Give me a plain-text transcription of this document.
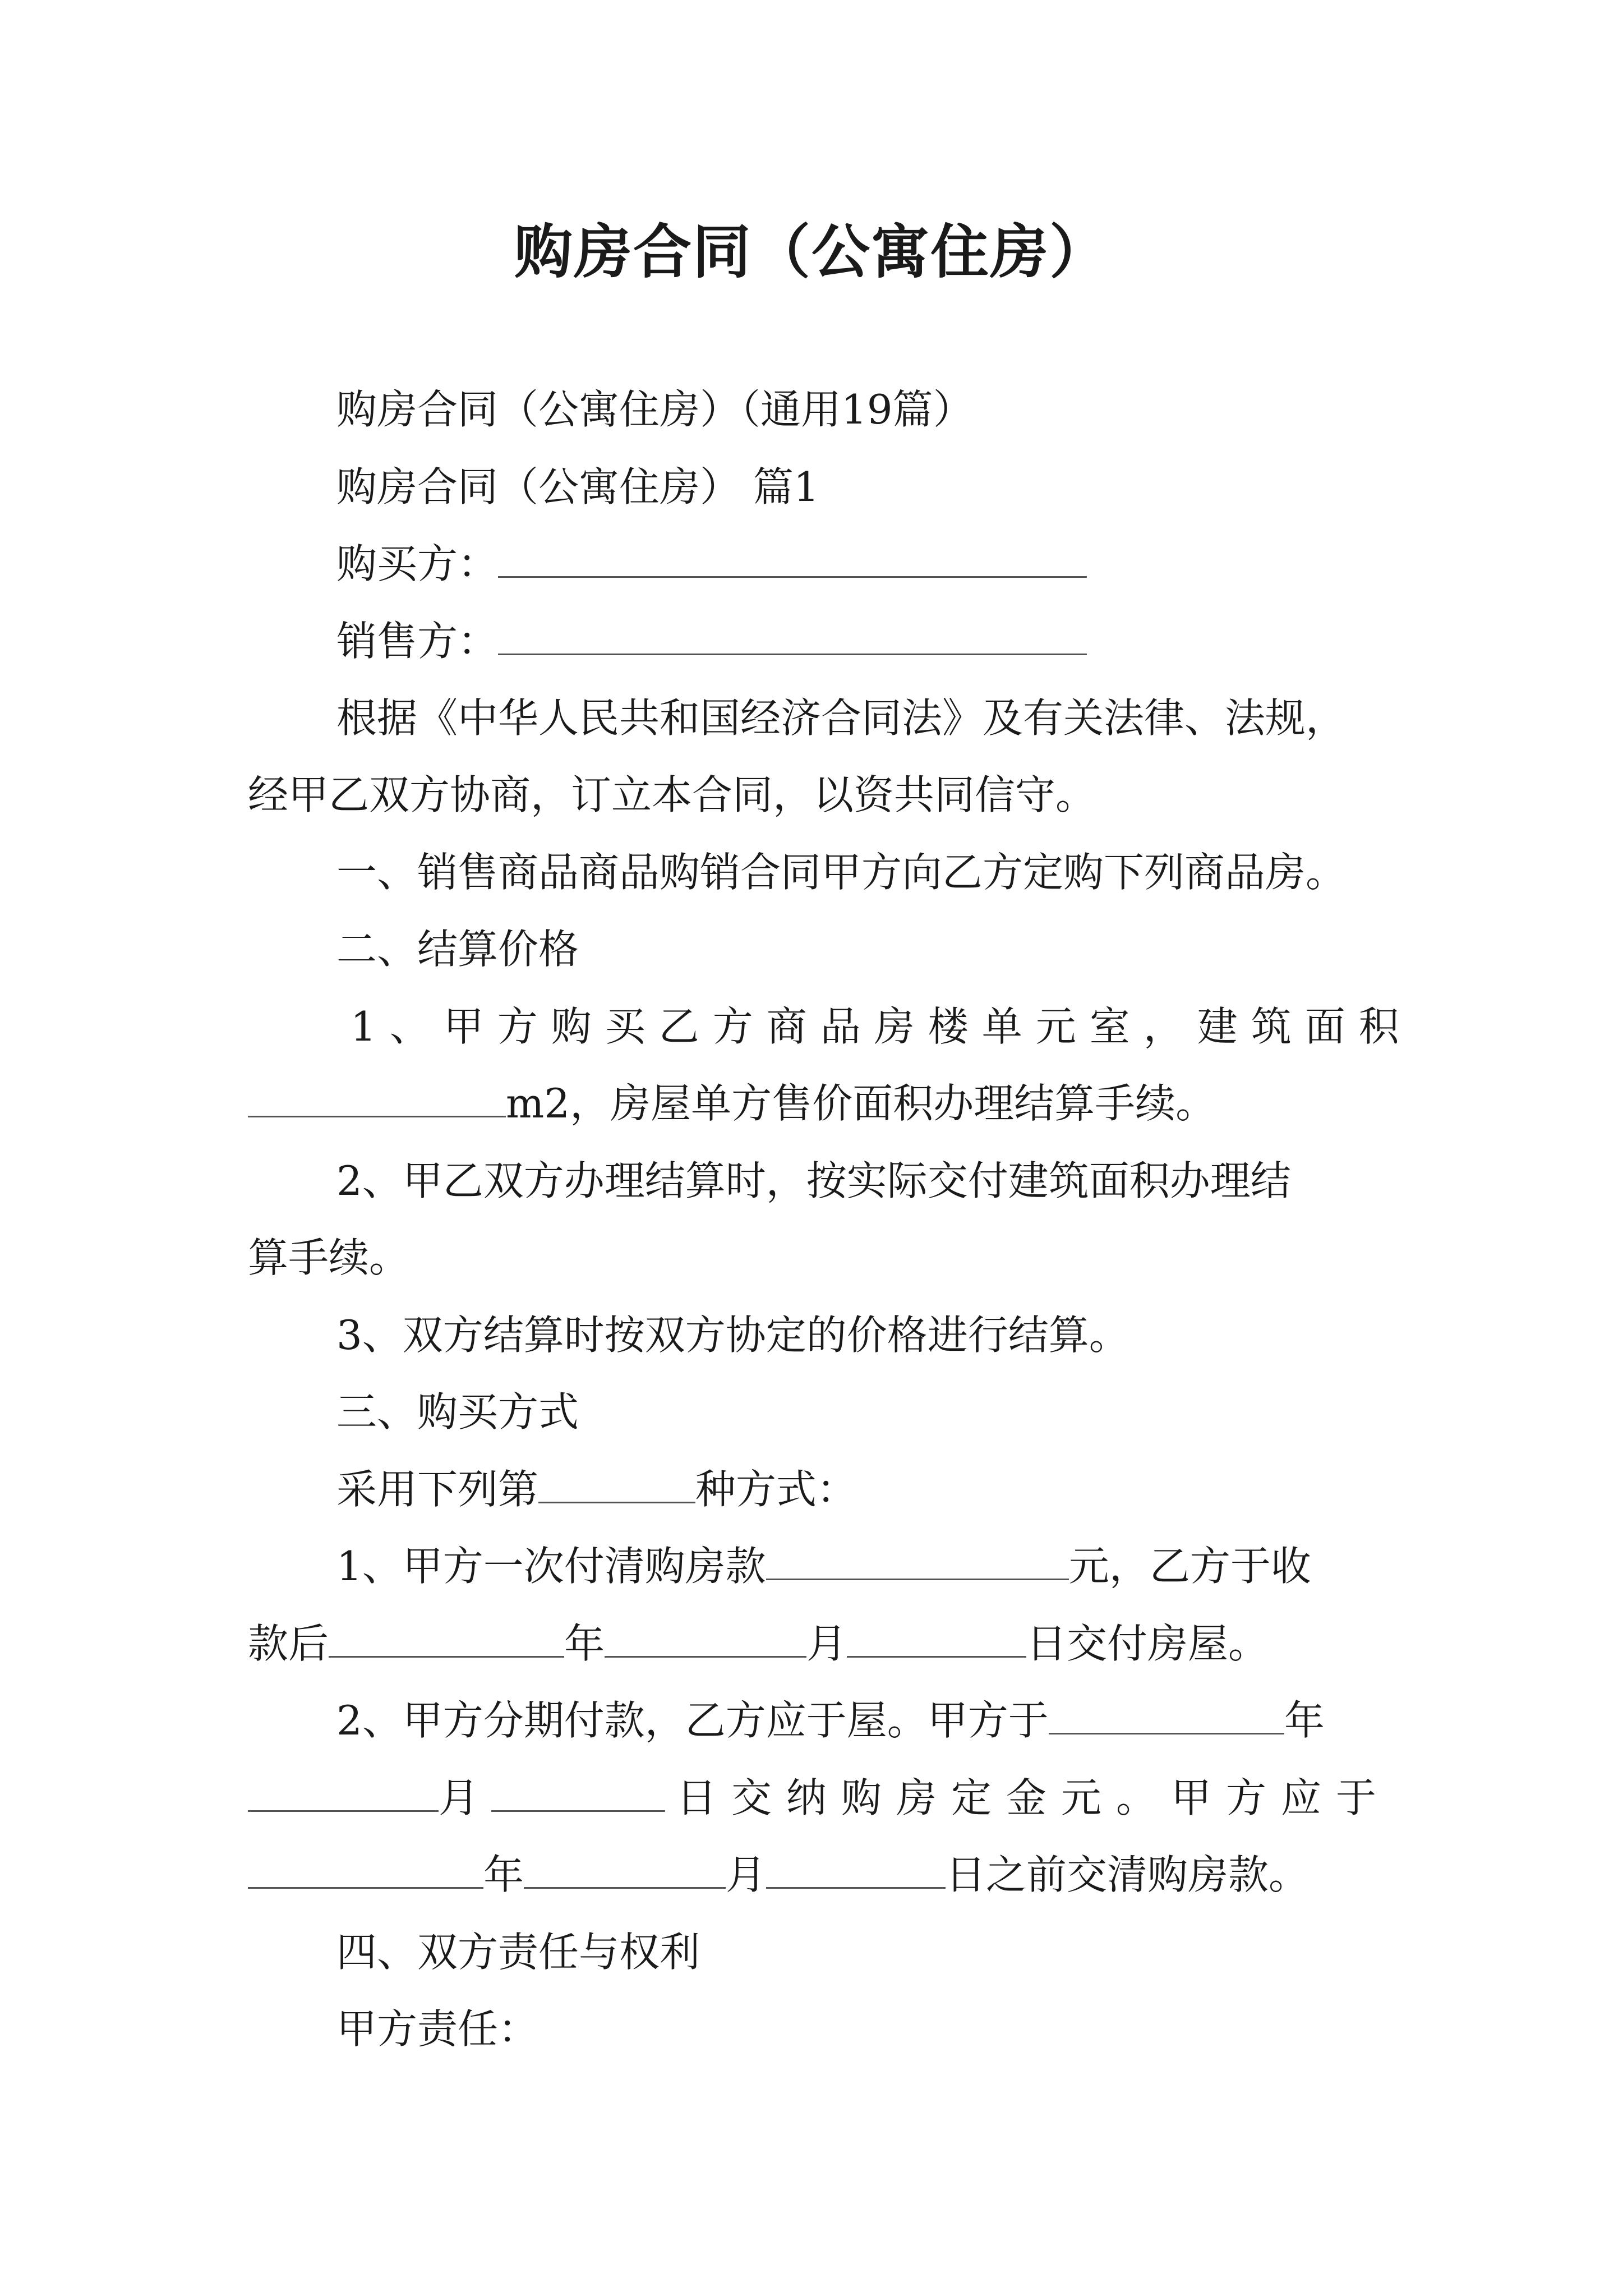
购房合同（公寓住房）
购房合同（公寓住房）（通用19篇）
购房合同（公寓住房） 篇1
购买方：
销售方：
根据《中华人民共和国经济合同法》及有关法律、法规，
经甲乙双方协商，订立本合同，以资共同信守。
一、销售商品商品购销合同甲方向乙方定购下列商品房。
二、结算价格
1、甲方购买乙方商品房楼单元室，建筑面积
m2，房屋单方售价面积办理结算手续。
2、甲乙双方办理结算时，按实际交付建筑面积办理结
算手续。
3、双方结算时按双方协定的价格进行结算。
三、购买方式
采用下列第	种方式：
1、甲方一次付清购房款	元，乙方于收
款后	年	月	日交付房屋。
2、甲方分期付款，乙方应于屋。甲方于	年
月	日交纳购房定金元。甲方应于
年	月	日之前交清购房款。
四、双方责任与权利
甲方责任：
